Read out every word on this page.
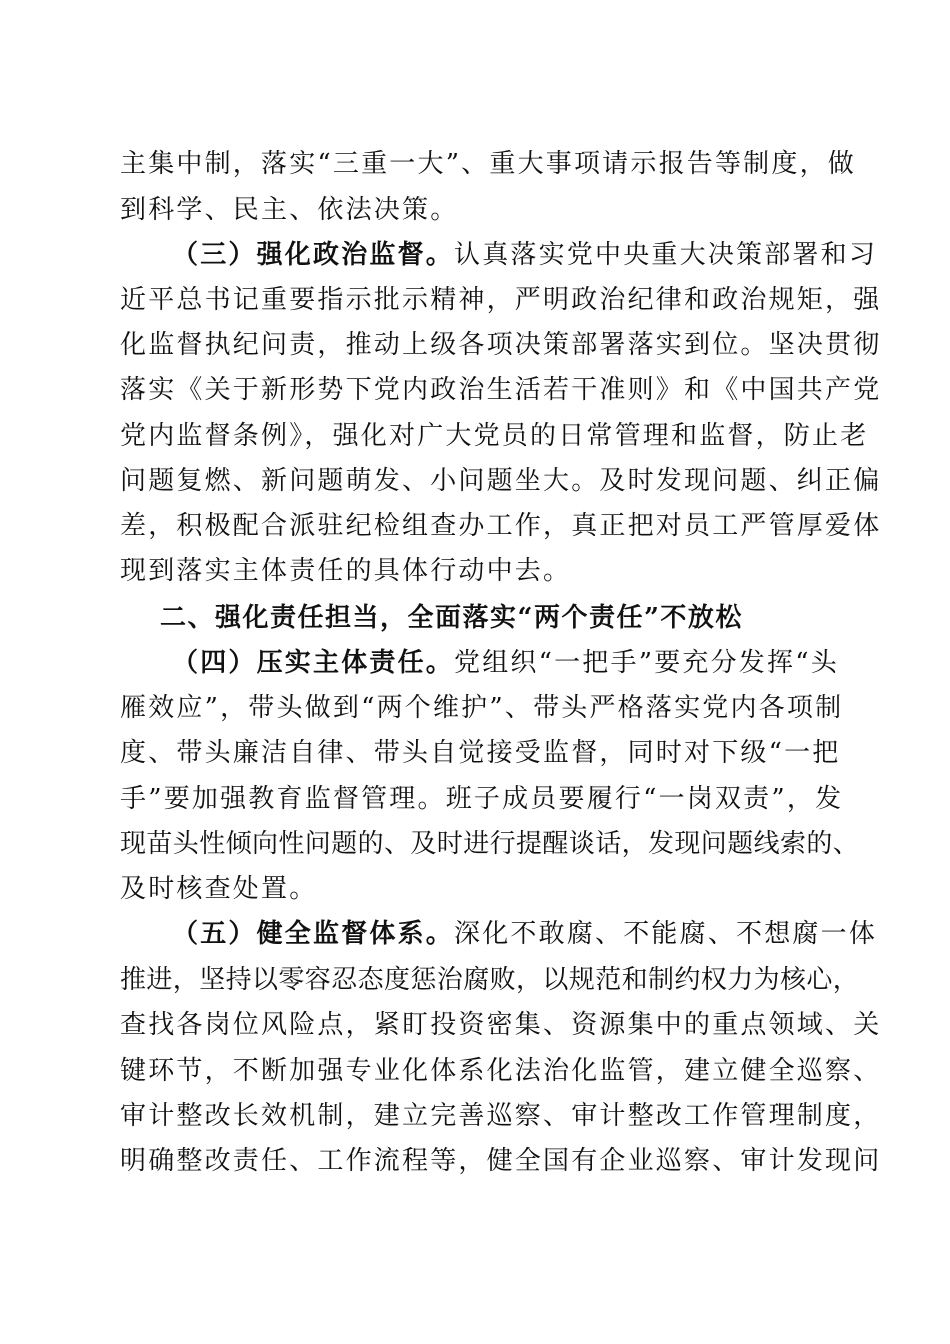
主集中制，落实“三重一大”、重大事项请示报告等制度，做
到科学、民主、依法决策。
（三）强化政治监督。认真落实党中央重大决策部署和习
近平总书记重要指示批示精神，严明政治纪律和政治规矩，强
化监督执纪问责，推动上级各项决策部署落实到位。坚决贯彻
落实《关于新形势下党内政治生活若干准则》和《中国共产党
党内监督条例》，强化对广大党员的日常管理和监督，防止老
问题复燃、新问题萌发、小问题坐大。及时发现问题、纠正偏
差，积极配合派驻纪检组查办工作，真正把对员工严管厚爱体
现到落实主体责任的具体行动中去。
二、强化责任担当，全面落实“两个责任”不放松
（四）压实主体责任。党组织“一把手”要充分发挥“头
雁效应”，带头做到“两个维护”、带头严格落实党内各项制
度、带头廉洁自律、带头自觉接受监督，同时对下级“一把
手”要加强教育监督管理。班子成员要履行“一岗双责”，发
现苗头性倾向性问题的、及时进行提醒谈话，发现问题线索的、
及时核查处置。
（五）健全监督体系。深化不敢腐、不能腐、不想腐一体
推进，坚持以零容忍态度惩治腐败，以规范和制约权力为核心，
查找各岗位风险点，紧盯投资密集、资源集中的重点领域、关
键环节，不断加强专业化体系化法治化监管，建立健全巡察、
审计整改长效机制，建立完善巡察、审计整改工作管理制度，
明确整改责任、工作流程等，健全国有企业巡察、审计发现问
